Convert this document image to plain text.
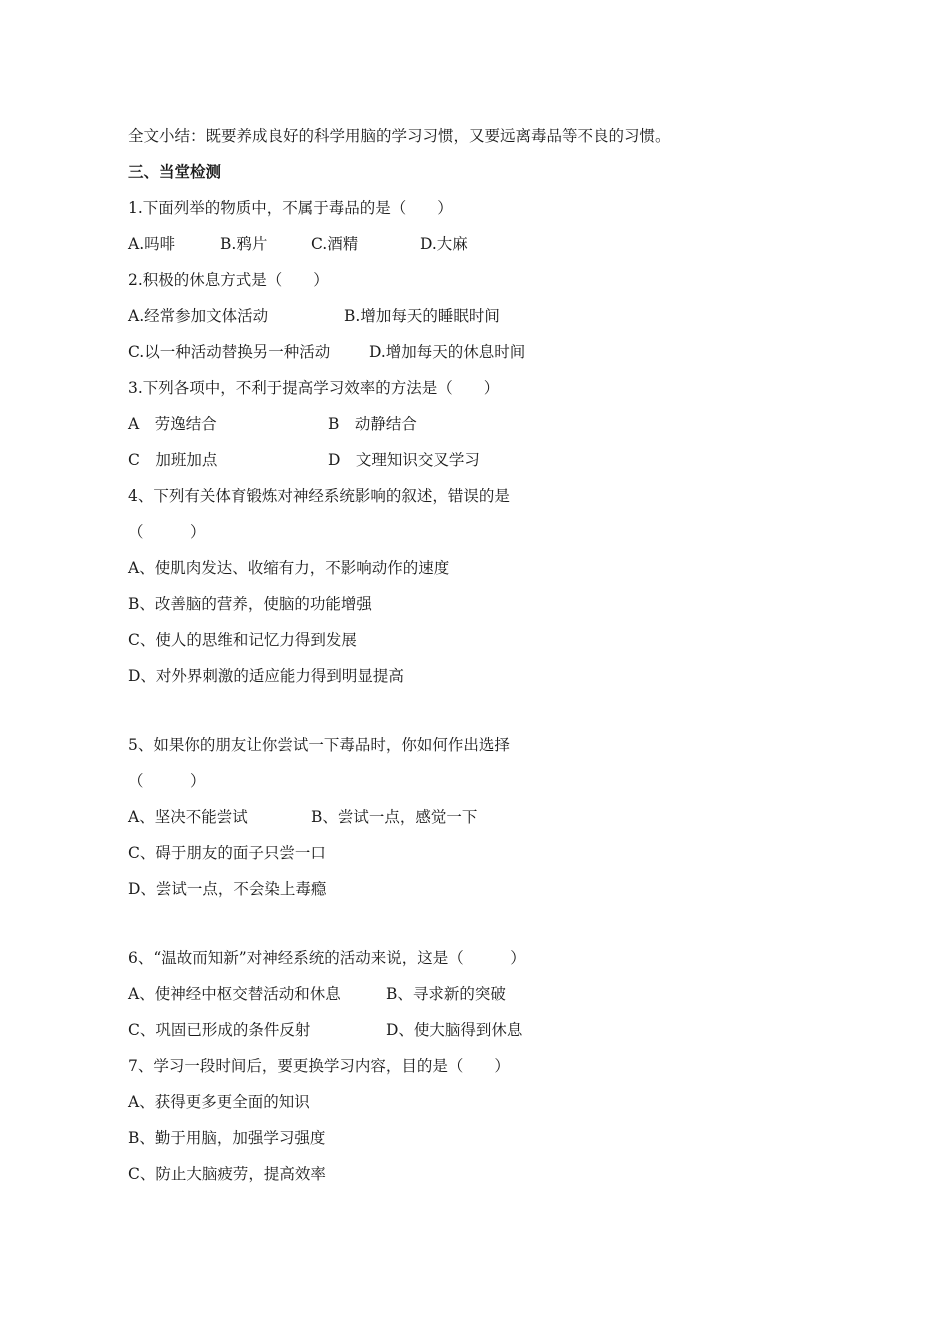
全文小结：既要养成良好的科学用脑的学习习惯，又要远离毒品等不良的习惯。
三、当堂检测
1.下面列举的物质中，不属于毒品的是（　　）
A.吗啡	B.鸦片	C.酒精	D.大麻
2.积极的休息方式是（　　）
A.经常参加文体活动	B.增加每天的睡眠时间
C.以一种活动替换另一种活动	D.增加每天的休息时间
3.下列各项中，不利于提高学习效率的方法是（　　）
A　劳逸结合	B　动静结合
C　加班加点	D　文理知识交叉学习
4、下列有关体育锻炼对神经系统影响的叙述，错误的是
（　　　）
A、使肌肉发达、收缩有力，不影响动作的速度
B、改善脑的营养，使脑的功能增强
C、使人的思维和记忆力得到发展
D、对外界刺激的适应能力得到明显提高
5、如果你的朋友让你尝试一下毒品时，你如何作出选择
（　　　）
A、坚决不能尝试	B、尝试一点，感觉一下
C、碍于朋友的面子只尝一口
D、尝试一点，不会染上毒瘾
6、“温故而知新”对神经系统的活动来说，这是（　　　）
A、使神经中枢交替活动和休息	B、寻求新的突破
C、巩固已形成的条件反射	D、使大脑得到休息
7、学习一段时间后，要更换学习内容，目的是（　　）
A、获得更多更全面的知识
B、勤于用脑，加强学习强度
C、防止大脑疲劳，提高效率
